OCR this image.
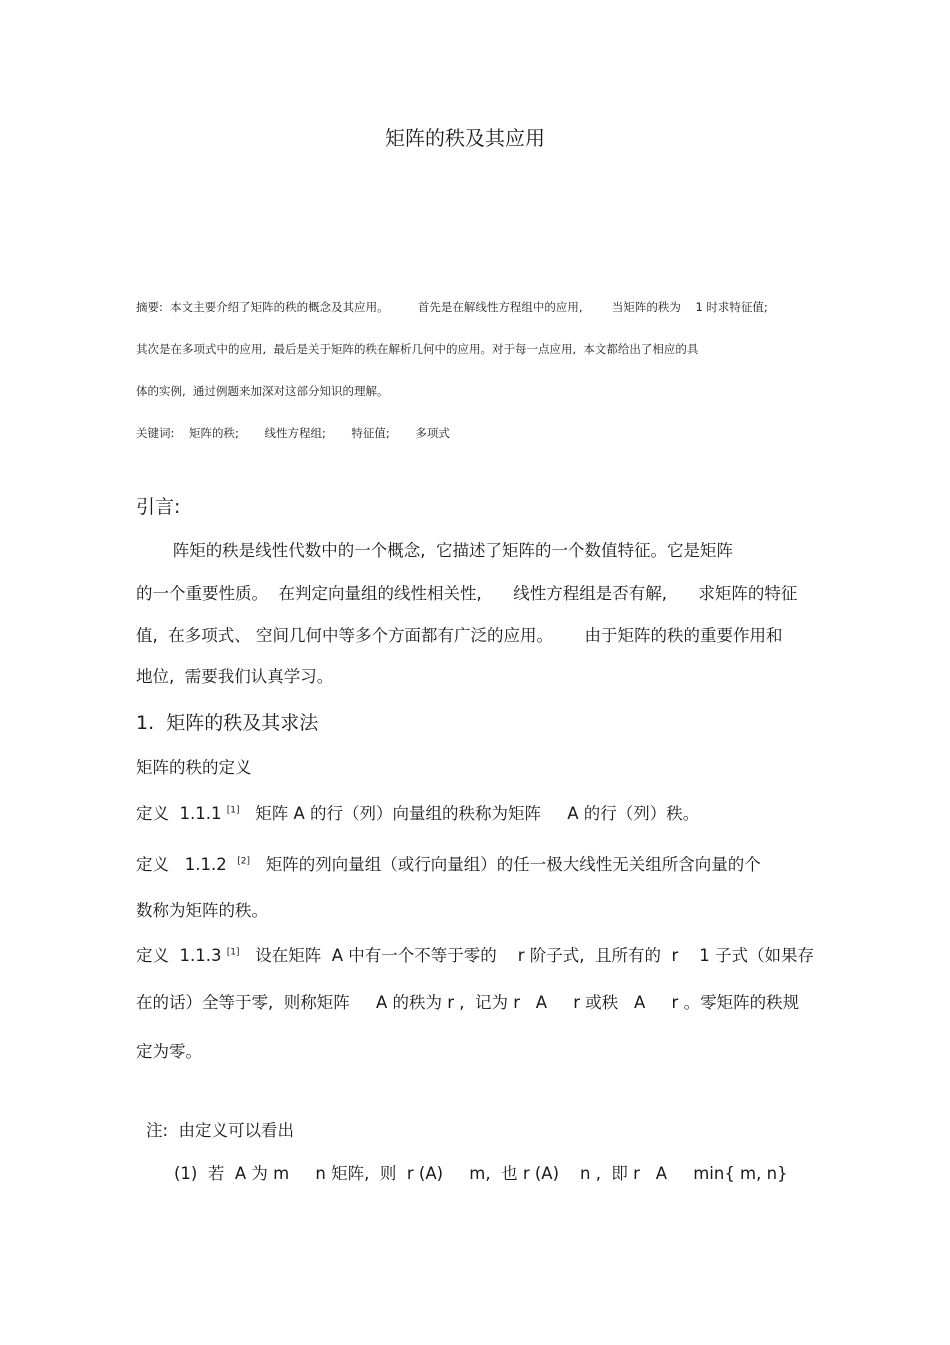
矩阵的秩及其应用
摘要:  本文主要介绍了矩阵的秩的概念及其应用。        首先是在解线性方程组中的应用,        当矩阵的秩为    1 时求特征值;
其次是在多项式中的应用,  最后是关于矩阵的秩在解析几何中的应用。对于每一点应用,  本文都给出了相应的具
体的实例,  通过例题来加深对这部分知识的理解。
关键词:    矩阵的秩;       线性方程组;       特征值;       多项式
引言:
阵矩的秩是线性代数中的一个概念,  它描述了矩阵的一个数值特征。它是矩阵
的一个重要性质。  在判定向量组的线性相关性,      线性方程组是否有解,      求矩阵的特征
值,  在多项式、 空间几何中等多个方面都有广泛的应用。      由于矩阵的秩的重要作用和
地位,  需要我们认真学习。
1.  矩阵的秩及其求法
矩阵的秩的定义
定义  1.1.1 [1]   矩阵 A 的行（列）向量组的秩称为矩阵     A 的行（列）秩。
定义   1.1.2  [2]   矩阵的列向量组（或行向量组）的任一极大线性无关组所含向量的个
数称为矩阵的秩。
定义  1.1.3 [1]   设在矩阵  A 中有一个不等于零的    r 阶子式,  且所有的  r    1 子式（如果存
在的话）全等于零,  则称矩阵     A 的秩为 r ,  记为 r   A     r 或秩   A     r 。零矩阵的秩规
定为零。
注:  由定义可以看出
(1)  若  A 为 m     n 矩阵,  则  r (A)     m,  也 r (A)    n ,  即 r   A     min{ m, n}
